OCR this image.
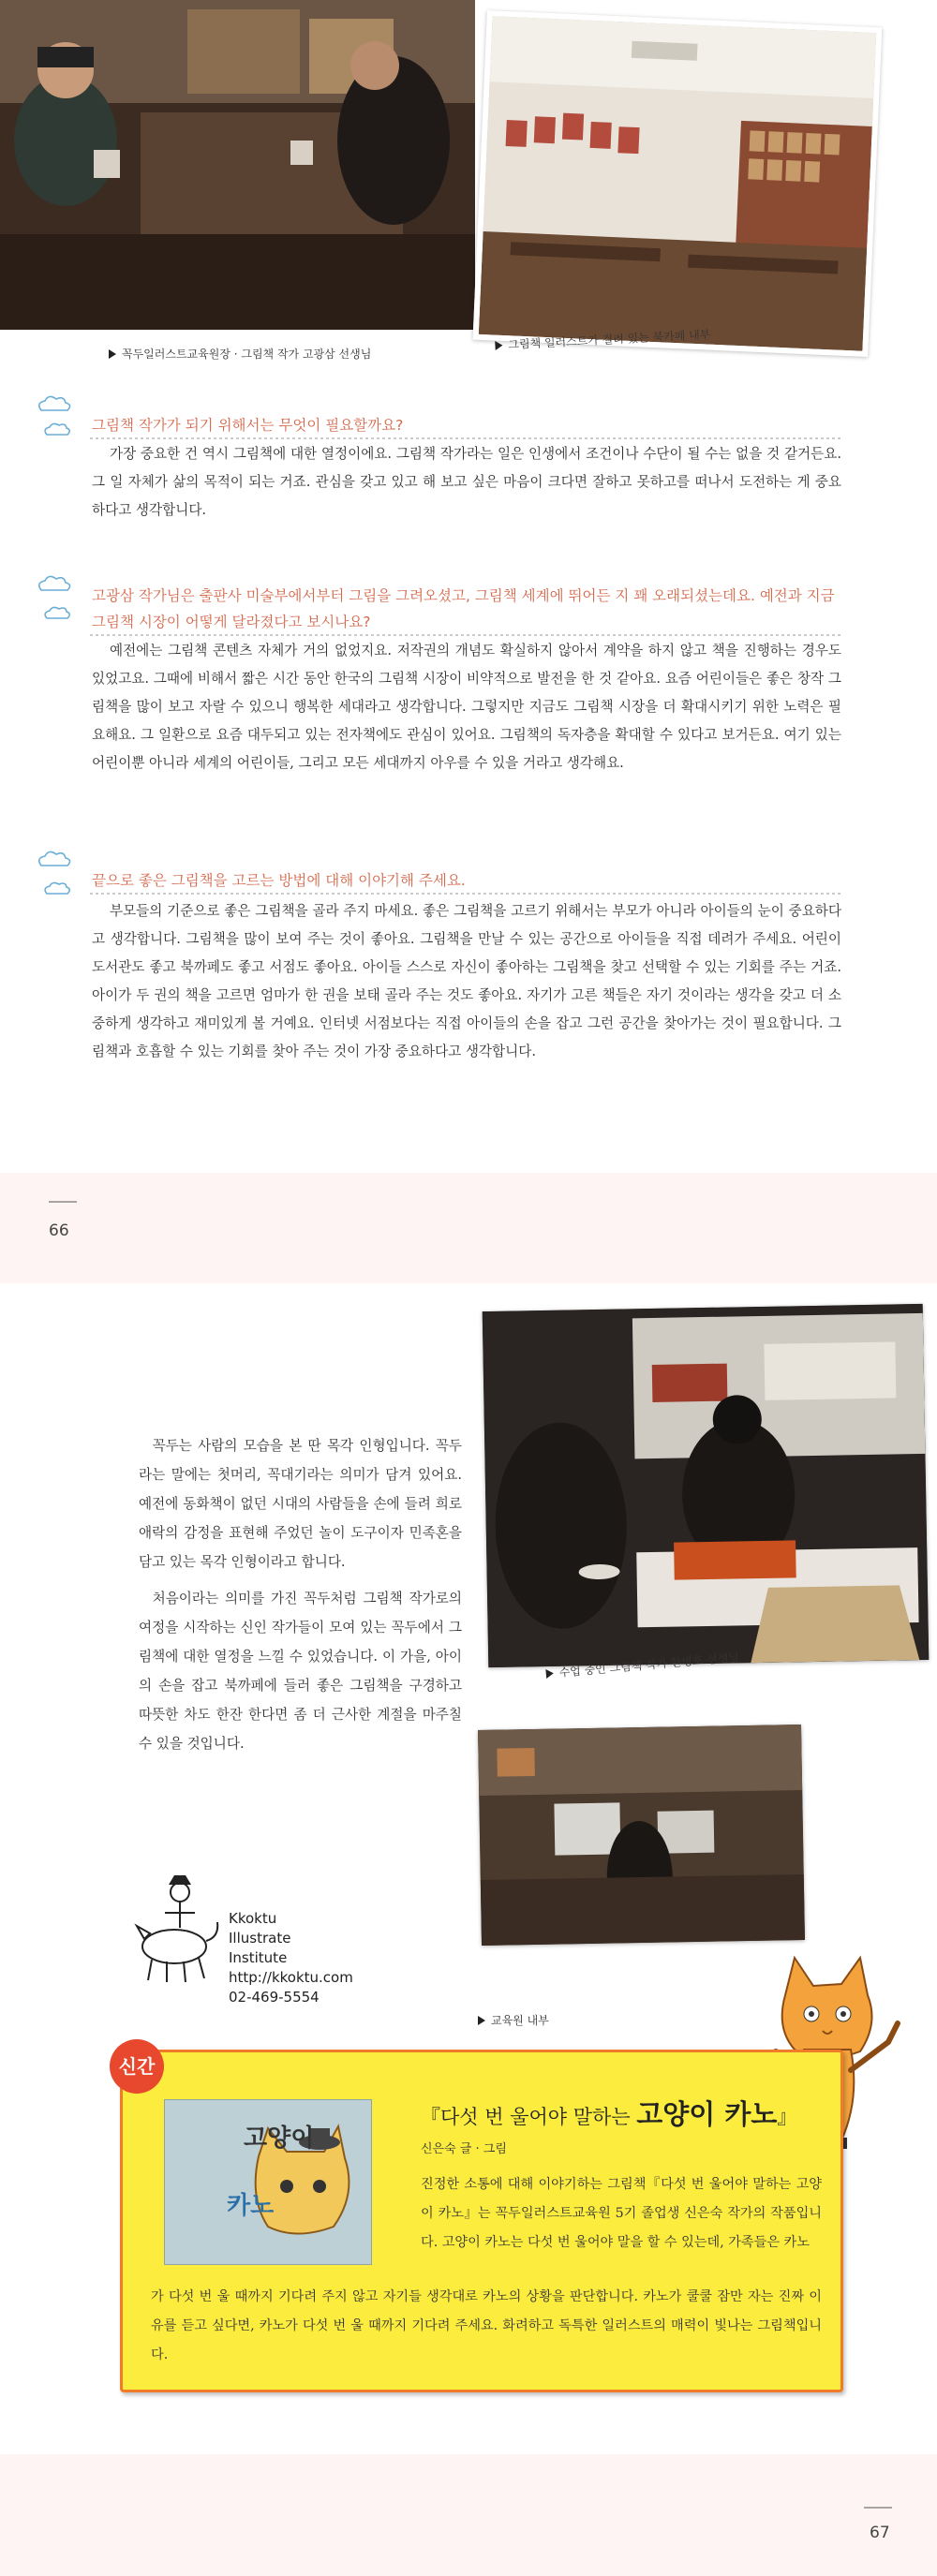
꼭두일러스트교육원장 · 그림책 작가 고광삼 선생님
그림책 일러스트가 걸려 있는 북카페 내부
그림책 작가가 되기 위해서는 무엇이 필요할까요?
가장 중요한 건 역시 그림책에 대한 열정이에요. 그림책 작가라는 일은 인생에서 조건이나 수단이 될 수는 없을 것 같거든요. 그 일 자체가 삶의 목적이 되는 거죠. 관심을 갖고 있고 해 보고 싶은 마음이 크다면 잘하고 못하고를 떠나서 도전하는 게 중요하다고 생각합니다.
고광삼 작가님은 출판사 미술부에서부터 그림을 그려오셨고, 그림책 세계에 뛰어든 지 꽤 오래되셨는데요. 예전과 지금 그림책 시장이 어떻게 달라졌다고 보시나요?
예전에는 그림책 콘텐츠 자체가 거의 없었지요. 저작권의 개념도 확실하지 않아서 계약을 하지 않고 책을 진행하는 경우도 있었고요. 그때에 비해서 짧은 시간 동안 한국의 그림책 시장이 비약적으로 발전을 한 것 같아요. 요즘 어린이들은 좋은 창작 그림책을 많이 보고 자랄 수 있으니 행복한 세대라고 생각합니다. 그렇지만 지금도 그림책 시장을 더 확대시키기 위한 노력은 필요해요. 그 일환으로 요즘 대두되고 있는 전자책에도 관심이 있어요. 그림책의 독자층을 확대할 수 있다고 보거든요. 여기 있는 어린이뿐 아니라 세계의 어린이들, 그리고 모든 세대까지 아우를 수 있을 거라고 생각해요.
끝으로 좋은 그림책을 고르는 방법에 대해 이야기해 주세요.
부모들의 기준으로 좋은 그림책을 골라 주지 마세요. 좋은 그림책을 고르기 위해서는 부모가 아니라 아이들의 눈이 중요하다고 생각합니다. 그림책을 많이 보여 주는 것이 좋아요. 그림책을 만날 수 있는 공간으로 아이들을 직접 데려가 주세요. 어린이 도서관도 좋고 북까페도 좋고 서점도 좋아요. 아이들 스스로 자신이 좋아하는 그림책을 찾고 선택할 수 있는 기회를 주는 거죠. 아이가 두 권의 책을 고르면 엄마가 한 권을 보태 골라 주는 것도 좋아요. 자기가 고른 책들은 자기 것이라는 생각을 갖고 더 소중하게 생각하고 재미있게 볼 거예요. 인터넷 서점보다는 직접 아이들의 손을 잡고 그런 공간을 찾아가는 것이 필요합니다. 그림책과 호흡할 수 있는 기회를 찾아 주는 것이 가장 중요하다고 생각합니다.
66
수업 중인 그림책 작가 한병호 선생님
교육원 내부

꼭두는 사람의 모습을 본 딴 목각 인형입니다. 꼭두라는 말에는 첫머리, 꼭대기라는 의미가 담겨 있어요. 예전에 동화책이 없던 시대의 사람들을 손에 들려 희로애락의 감정을 표현해 주었던 놀이 도구이자 민족혼을 담고 있는 목각 인형이라고 합니다.

처음이라는 의미를 가진 꼭두처럼 그림책 작가로의 여정을 시작하는 신인 작가들이 모여 있는 꼭두에서 그림책에 대한 열정을 느낄 수 있었습니다. 이 가을, 아이의 손을 잡고 북까페에 들러 좋은 그림책을 구경하고 따뜻한 차도 한잔 한다면 좀 더 근사한 계절을 마주칠 수 있을 것입니다.

Kkoktu
Illustrate
Institute
http://kkoktu.com
02-469-5554
신간
고양이
카노
『다섯 번 울어야 말하는 고양이 카노』
신은숙 글 · 그림
진정한 소통에 대해 이야기하는 그림책『다섯 번 울어야 말하는 고양이 카노』는 꼭두일러스트교육원 5기 졸업생 신은숙 작가의 작품입니다. 고양이 카노는 다섯 번 울어야 말을 할 수 있는데, 가족들은 카노
가 다섯 번 울 때까지 기다려 주지 않고 자기들 생각대로 카노의 상황을 판단합니다. 카노가 쿨쿨 잠만 자는 진짜 이유를 듣고 싶다면, 카노가 다섯 번 울 때까지 기다려 주세요. 화려하고 독특한 일러스트의 매력이 빛나는 그림책입니다.
67
